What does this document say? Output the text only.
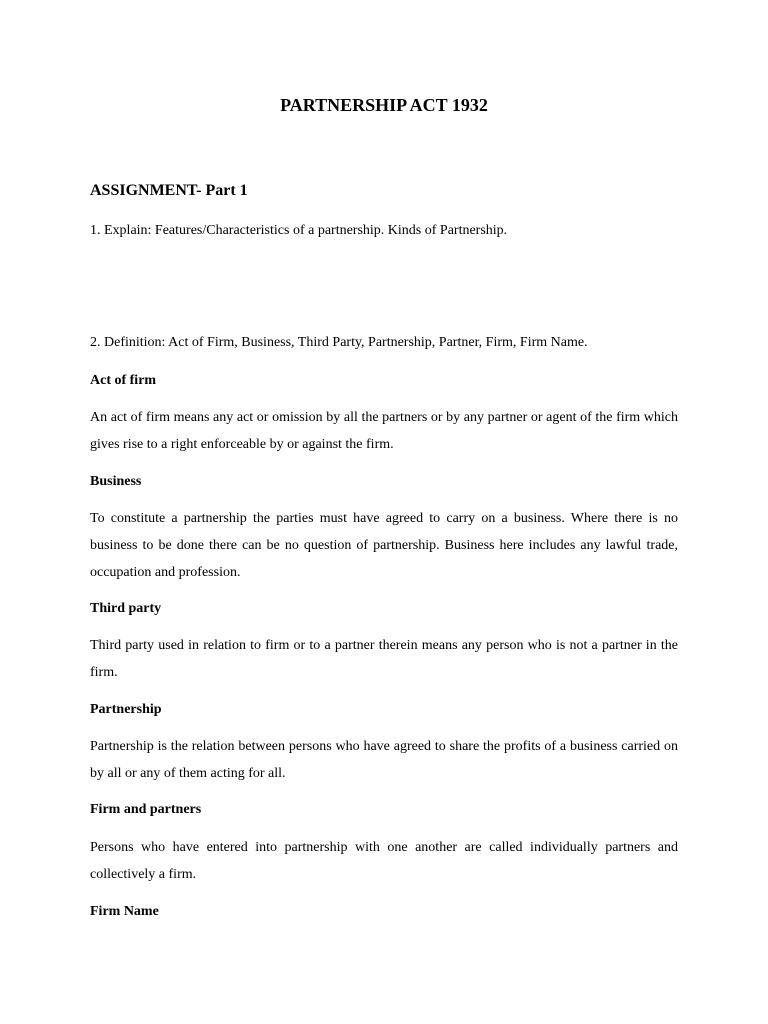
PARTNERSHIP ACT 1932
ASSIGNMENT- Part 1

1. Explain: Features/Characteristics of a partnership. Kinds of Partnership.

2. Definition: Act of Firm, Business, Third Party, Partnership, Partner, Firm, Firm Name.

Act of firm

An act of firm means any act or omission by all the partners or by any partner or agent of the firm which gives rise to a right enforceable by or against the firm.

Business

To constitute a partnership the parties must have agreed to carry on a business. Where there is no business to be done there can be no question of partnership. Business here includes any lawful trade, occupation and profession.

Third party

Third party used in relation to firm or to a partner therein means any person who is not a partner in the firm.

Partnership

Partnership is the relation between persons who have agreed to share the profits of a business carried on by all or any of them acting for all.

Firm and partners

Persons who have entered into partnership with one another are called individually partners and collectively a firm.

Firm Name
